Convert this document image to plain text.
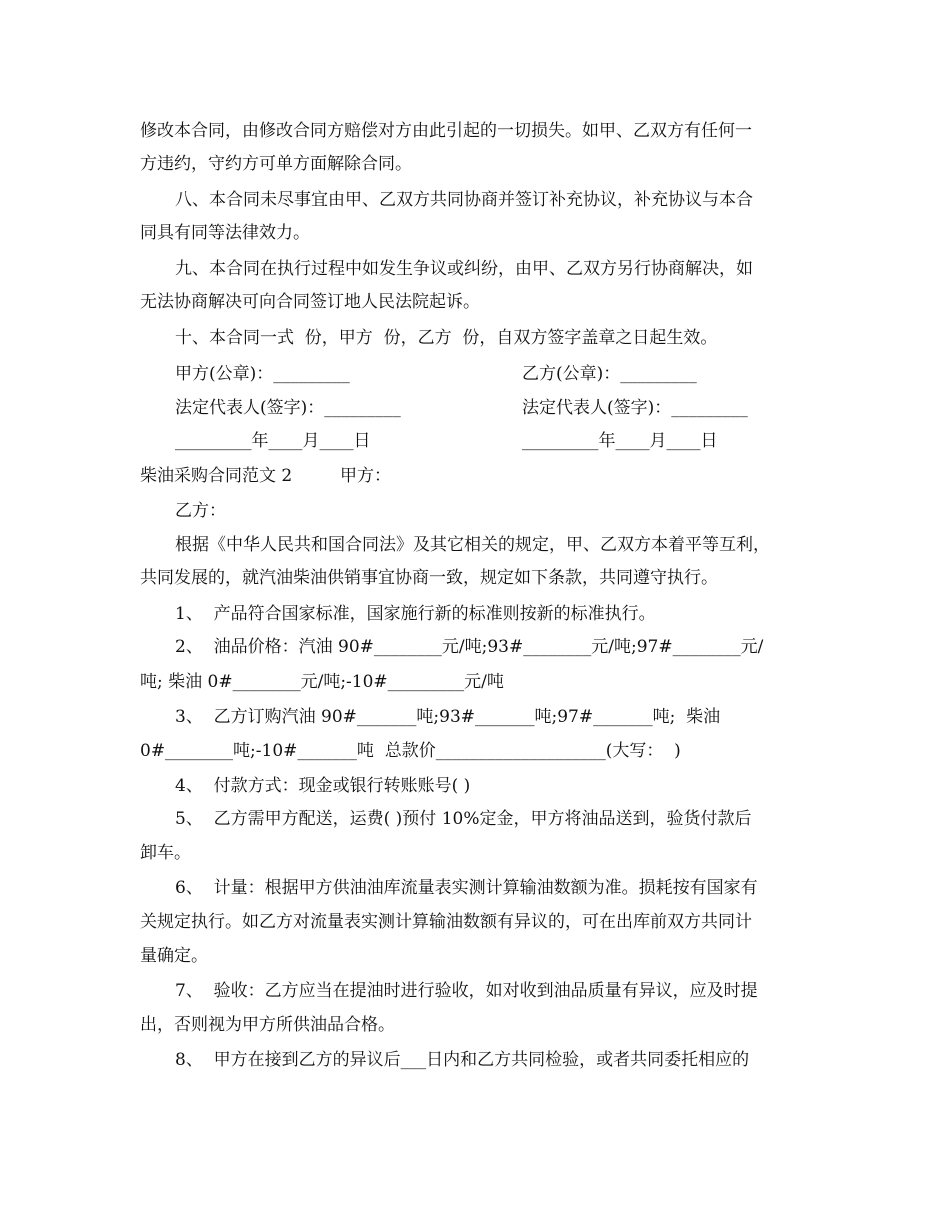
修改本合同，由修改合同方赔偿对方由此引起的一切损失。如甲、乙双方有任何一
方违约，守约方可单方面解除合同。
八、本合同未尽事宜由甲、乙双方共同协商并签订补充协议，补充协议与本合
同具有同等法律效力。
九、本合同在执行过程中如发生争议或纠纷，由甲、乙双方另行协商解决，如
无法协商解决可向合同签订地人民法院起诉。
十、本合同一式  份，甲方  份，乙方  份，自双方签字盖章之日起生效。
甲方(公章)：_________	乙方(公章)：_________
法定代表人(签字)：_________	法定代表人(签字)：_________
_________年____月____日	_________年____月____日
柴油采购合同范文 2	甲方：
乙方：
根据《中华人民共和国合同法》及其它相关的规定，甲、乙双方本着平等互利，
共同发展的，就汽油柴油供销事宜协商一致，规定如下条款，共同遵守执行。
1、  产品符合国家标准，国家施行新的标准则按新的标准执行。
2、  油品价格：汽油 90#________元/吨;93#________元/吨;97#________元/
吨; 柴油 0#________元/吨;-10#_________元/吨
3、  乙方订购汽油 90#_______吨;93#_______吨;97#_______吨;  柴油
0#________吨;-10#_______吨  总款价____________________(大写：  )
4、  付款方式：现金或银行转账账号( )
5、  乙方需甲方配送，运费( )预付 10%定金，甲方将油品送到，验货付款后
卸车。
6、  计量：根据甲方供油油库流量表实测计算输油数额为准。损耗按有国家有
关规定执行。如乙方对流量表实测计算输油数额有异议的，可在出库前双方共同计
量确定。
7、  验收：乙方应当在提油时进行验收，如对收到油品质量有异议，应及时提
出，否则视为甲方所供油品合格。
8、  甲方在接到乙方的异议后___日内和乙方共同检验，或者共同委托相应的
